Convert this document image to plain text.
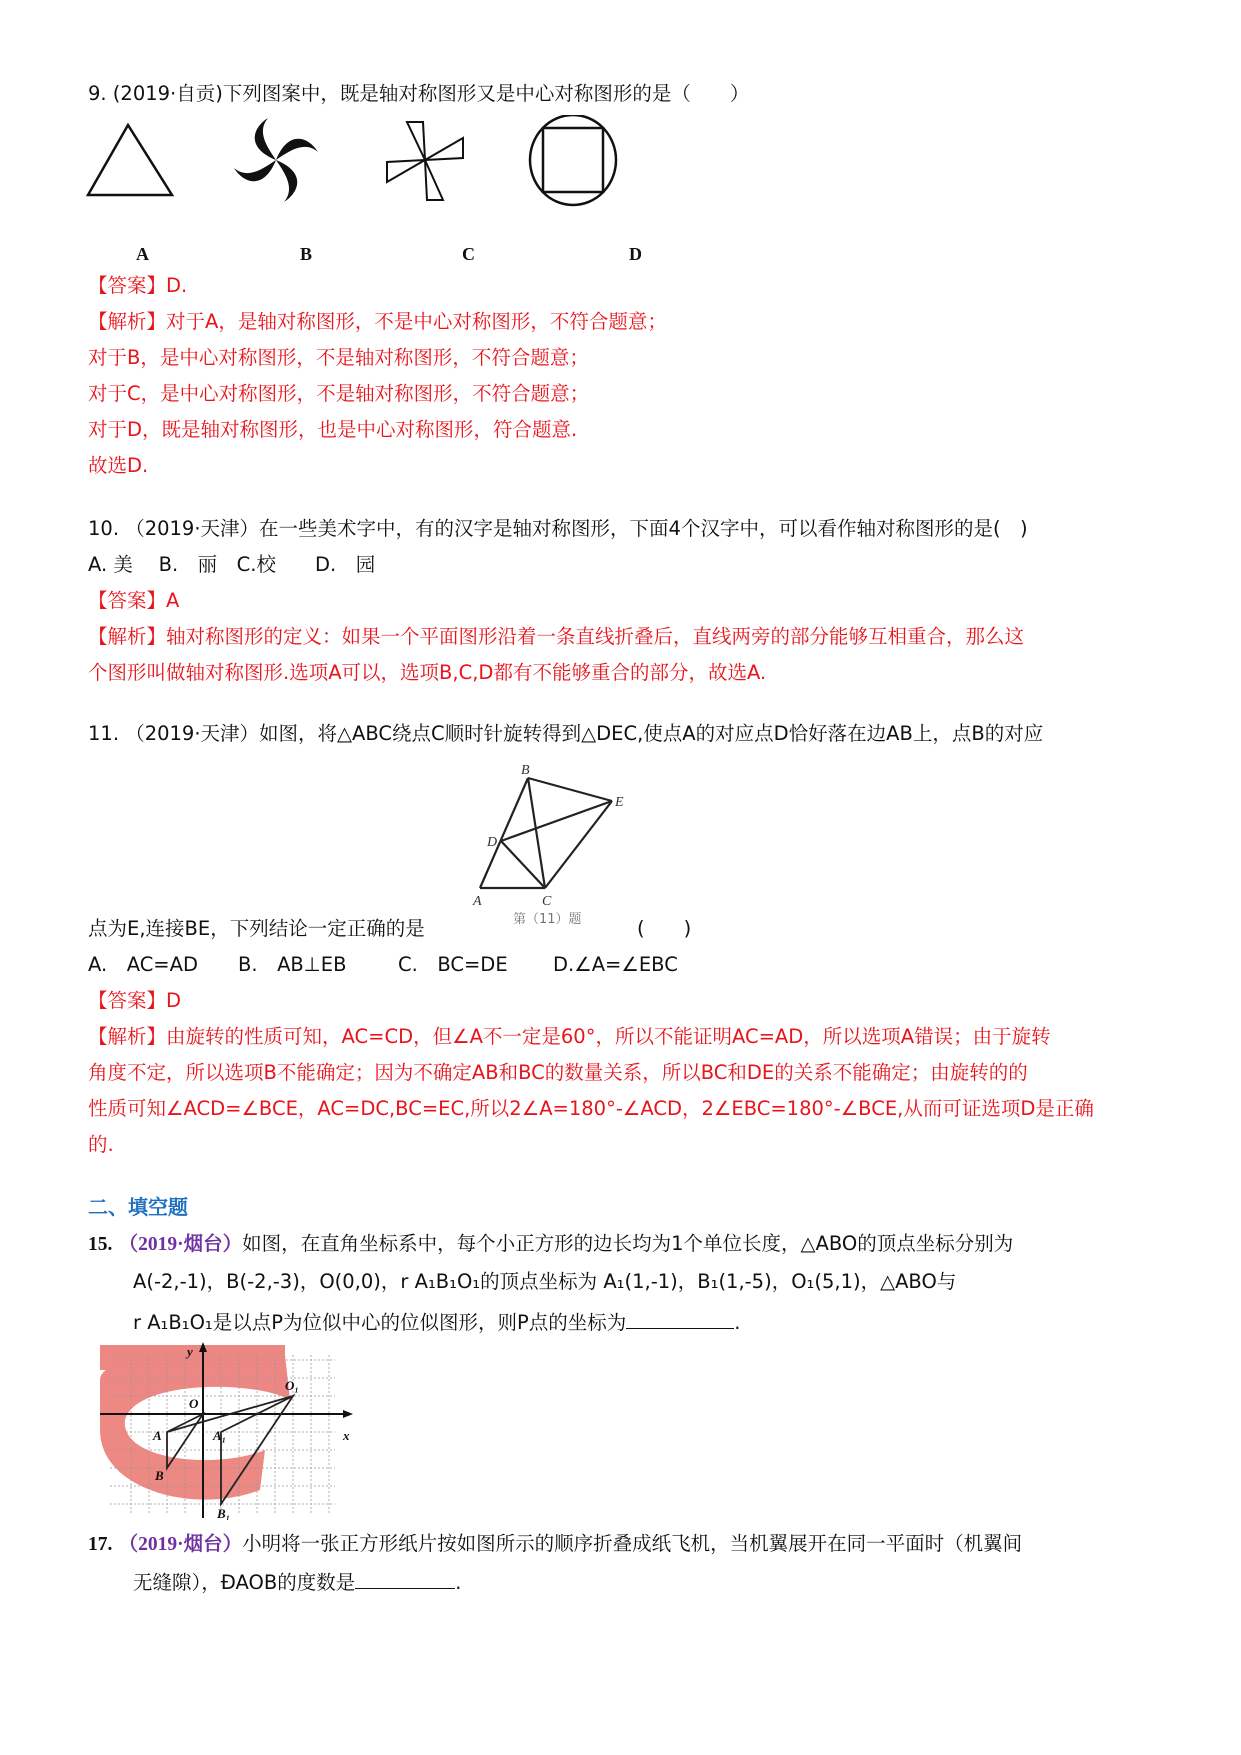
9. (2019·自贡)下列图案中，既是轴对称图形又是中心对称图形的是（　　）
A	B	C	D
【答案】D.
【解析】对于A，是轴对称图形，不是中心对称图形，不符合题意；
对于B，是中心对称图形，不是轴对称图形，不符合题意；
对于C，是中心对称图形，不是轴对称图形，不符合题意；
对于D，既是轴对称图形，也是中心对称图形，符合题意.
故选D.
10. （2019·天津）在一些美术字中，有的汉字是轴对称图形，下面4个汉字中，可以看作轴对称图形的是(　)
A. 美　 B.　丽　C.校　　D.　园
【答案】A
【解析】轴对称图形的定义：如果一个平面图形沿着一条直线折叠后，直线两旁的部分能够互相重合，那么这
个图形叫做轴对称图形.选项A可以，选项B,C,D都有不能够重合的部分，故选A.
11. （2019·天津）如图，将△ABC绕点C顺时针旋转得到△DEC,使点A的对应点D恰好落在边AB上，点B的对应
B
E
D
A	C
第（11）题
点为E,连接BE，下列结论一定正确的是	(　　)
A.　AC=AD B.　AB⊥EB	C.　BC=DE D.∠A=∠EBC
【答案】D
【解析】由旋转的性质可知，AC=CD，但∠A不一定是60°，所以不能证明AC=AD，所以选项A错误；由于旋转
角度不定，所以选项B不能确定；因为不确定AB和BC的数量关系，所以BC和DE的关系不能确定；由旋转的的
性质可知∠ACD=∠BCE，AC=DC,BC=EC,所以2∠A=180°-∠ACD，2∠EBC=180°-∠BCE,从而可证选项D是正确
的.
二、填空题
15. （2019·烟台）如图，在直角坐标系中，每个小正方形的边长均为1个单位长度，△ABO的顶点坐标分别为
A(-2,-1)，B(-2,-3)，O(0,0)，r A₁B₁O₁的顶点坐标为 A₁(1,-1)，B₁(1,-5)，O₁(5,1)，△ABO与
r A₁B₁O₁是以点P为位似中心的位似图形，则P点的坐标为	.
y
x
O
O₁
A	A₁
B
B₁
17. （2019·烟台）小明将一张正方形纸片按如图所示的顺序折叠成纸飞机，当机翼展开在同一平面时（机翼间
无缝隙），ÐAOB的度数是	.
